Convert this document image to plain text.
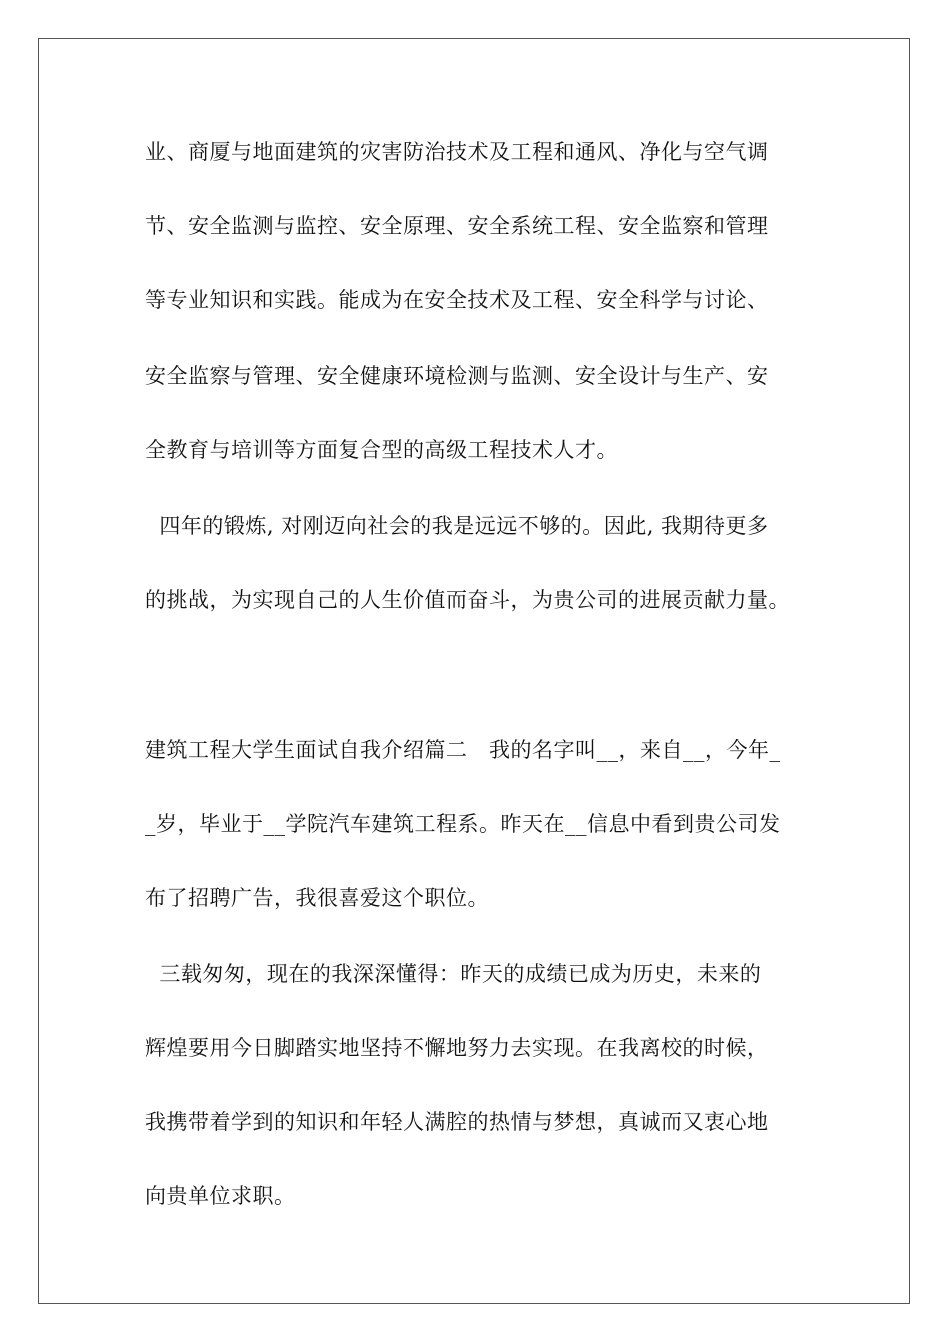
业、商厦与地面建筑的灾害防治技术及工程和通风、净化与空气调
节、安全监测与监控、安全原理、安全系统工程、安全监察和管理
等专业知识和实践。能成为在安全技术及工程、安全科学与讨论、
安全监察与管理、安全健康环境检测与监测、安全设计与生产、安
全教育与培训等方面复合型的高级工程技术人才。
四年的锻炼, 对刚迈向社会的我是远远不够的。因此, 我期待更多
的挑战，为实现自己的人生价值而奋斗，为贵公司的进展贡献力量。
建筑工程大学生面试自我介绍篇二   我的名字叫__，来自__，今年_
_岁，毕业于__学院汽车建筑工程系。昨天在__信息中看到贵公司发
布了招聘广告，我很喜爱这个职位。
三载匆匆，现在的我深深懂得：昨天的成绩已成为历史，未来的
辉煌要用今日脚踏实地坚持不懈地努力去实现。在我离校的时候，
我携带着学到的知识和年轻人满腔的热情与梦想，真诚而又衷心地
向贵单位求职。
